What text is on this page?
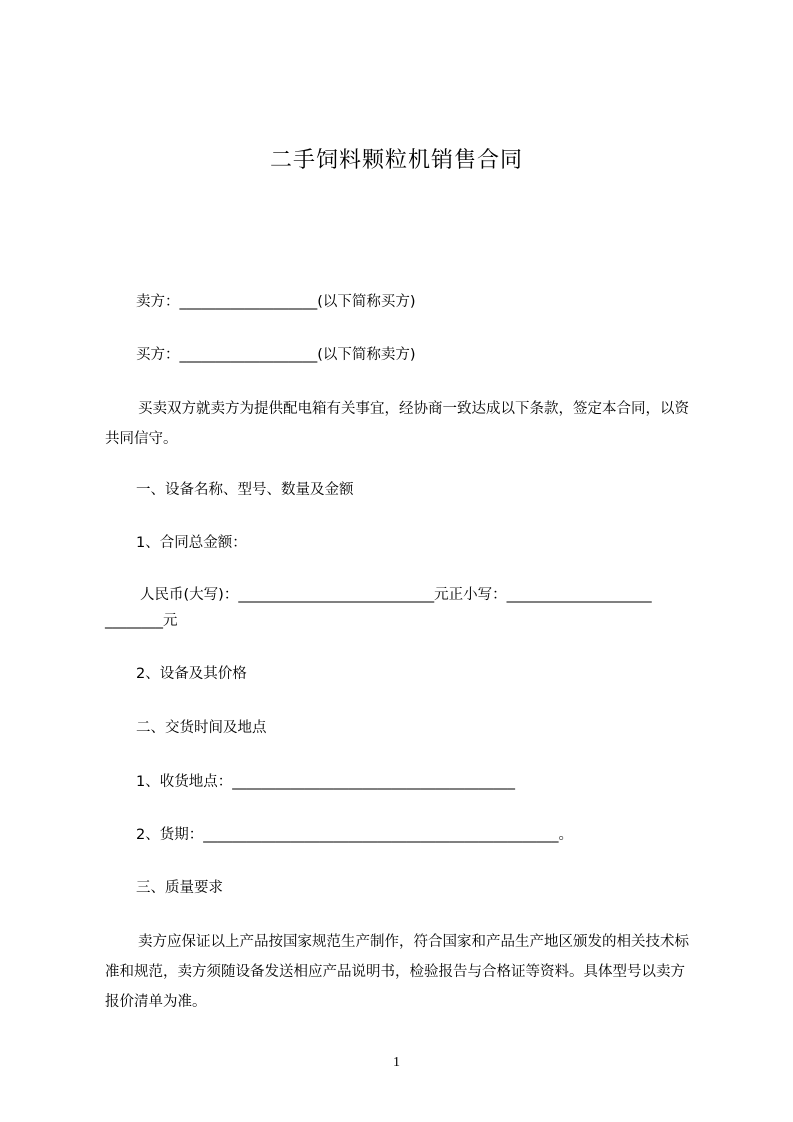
二手饲料颗粒机销售合同
卖方：___________________(以下简称买方)
买方：___________________(以下简称卖方)
买卖双方就卖方为提供配电箱有关事宜，经协商一致达成以下条款，签定本合同，以资共同信守。
一、设备名称、型号、数量及金额
1、合同总金额：
人民币(大写)：___________________________元正小写：____________________
________元
2、设备及其价格
二、交货时间及地点
1、收货地点：_______________________________________
2、货期：_________________________________________________。
三、质量要求
卖方应保证以上产品按国家规范生产制作，符合国家和产品生产地区颁发的相关技术标准和规范，卖方须随设备发送相应产品说明书，检验报告与合格证等资料。具体型号以卖方报价清单为准。
1
